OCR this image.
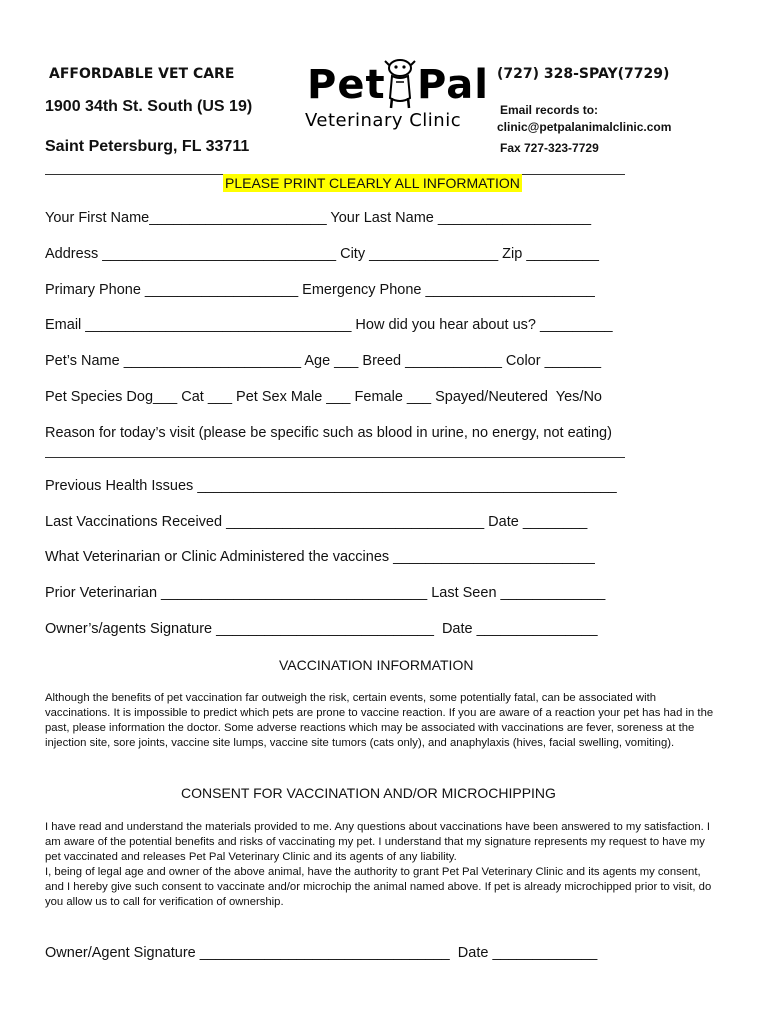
AFFORDABLE VET CARE
1900 34th St. South (US 19)
Saint Petersburg, FL 33711
Pet Pal
Veterinary Clinic
(727) 328-SPAY(7729)
Email records to:
clinic@petpalanimalclinic.com
Fax 727-323-7729
PLEASE PRINT CLEARLY ALL INFORMATION
Your First Name______________________ Your Last Name ___________________
Address _____________________________ City ________________ Zip _________
Primary Phone ___________________ Emergency Phone _____________________
Email _________________________________ How did you hear about us? _________
Pet’s Name ______________________ Age ___ Breed ____________ Color _______
Pet Species Dog___ Cat ___ Pet Sex Male ___ Female ___ Spayed/Neutered  Yes/No
Reason for today’s visit (please be specific such as blood in urine, no energy, not eating)
Previous Health Issues ____________________________________________________
Last Vaccinations Received ________________________________ Date ________
What Veterinarian or Clinic Administered the vaccines _________________________
Prior Veterinarian _________________________________ Last Seen _____________
Owner’s/agents Signature ___________________________  Date _______________
VACCINATION INFORMATION
Although the benefits of pet vaccination far outweigh the risk, certain events, some potentially fatal, can be associated with vaccinations. It is impossible to predict which pets are prone to vaccine reaction. If you are aware of a reaction your pet has had in the past, please information the doctor. Some adverse reactions which may be associated with vaccinations are fever, soreness at the injection site, sore joints, vaccine site lumps, vaccine site tumors (cats only), and anaphylaxis (hives, facial swelling, vomiting).
CONSENT FOR VACCINATION AND/OR MICROCHIPPING
I have read and understand the materials provided to me. Any questions about vaccinations have been answered to my satisfaction. I am aware of the potential benefits and risks of vaccinating my pet. I understand that my signature represents my request to have my pet vaccinated and releases Pet Pal Veterinary Clinic and its agents of any liability.
I, being of legal age and owner of the above animal, have the authority to grant Pet Pal Veterinary Clinic and its agents my consent, and I hereby give such consent to vaccinate and/or microchip the animal named above. If pet is already microchipped prior to visit, do you allow us to call for verification of ownership.
Owner/Agent Signature _______________________________  Date _____________
